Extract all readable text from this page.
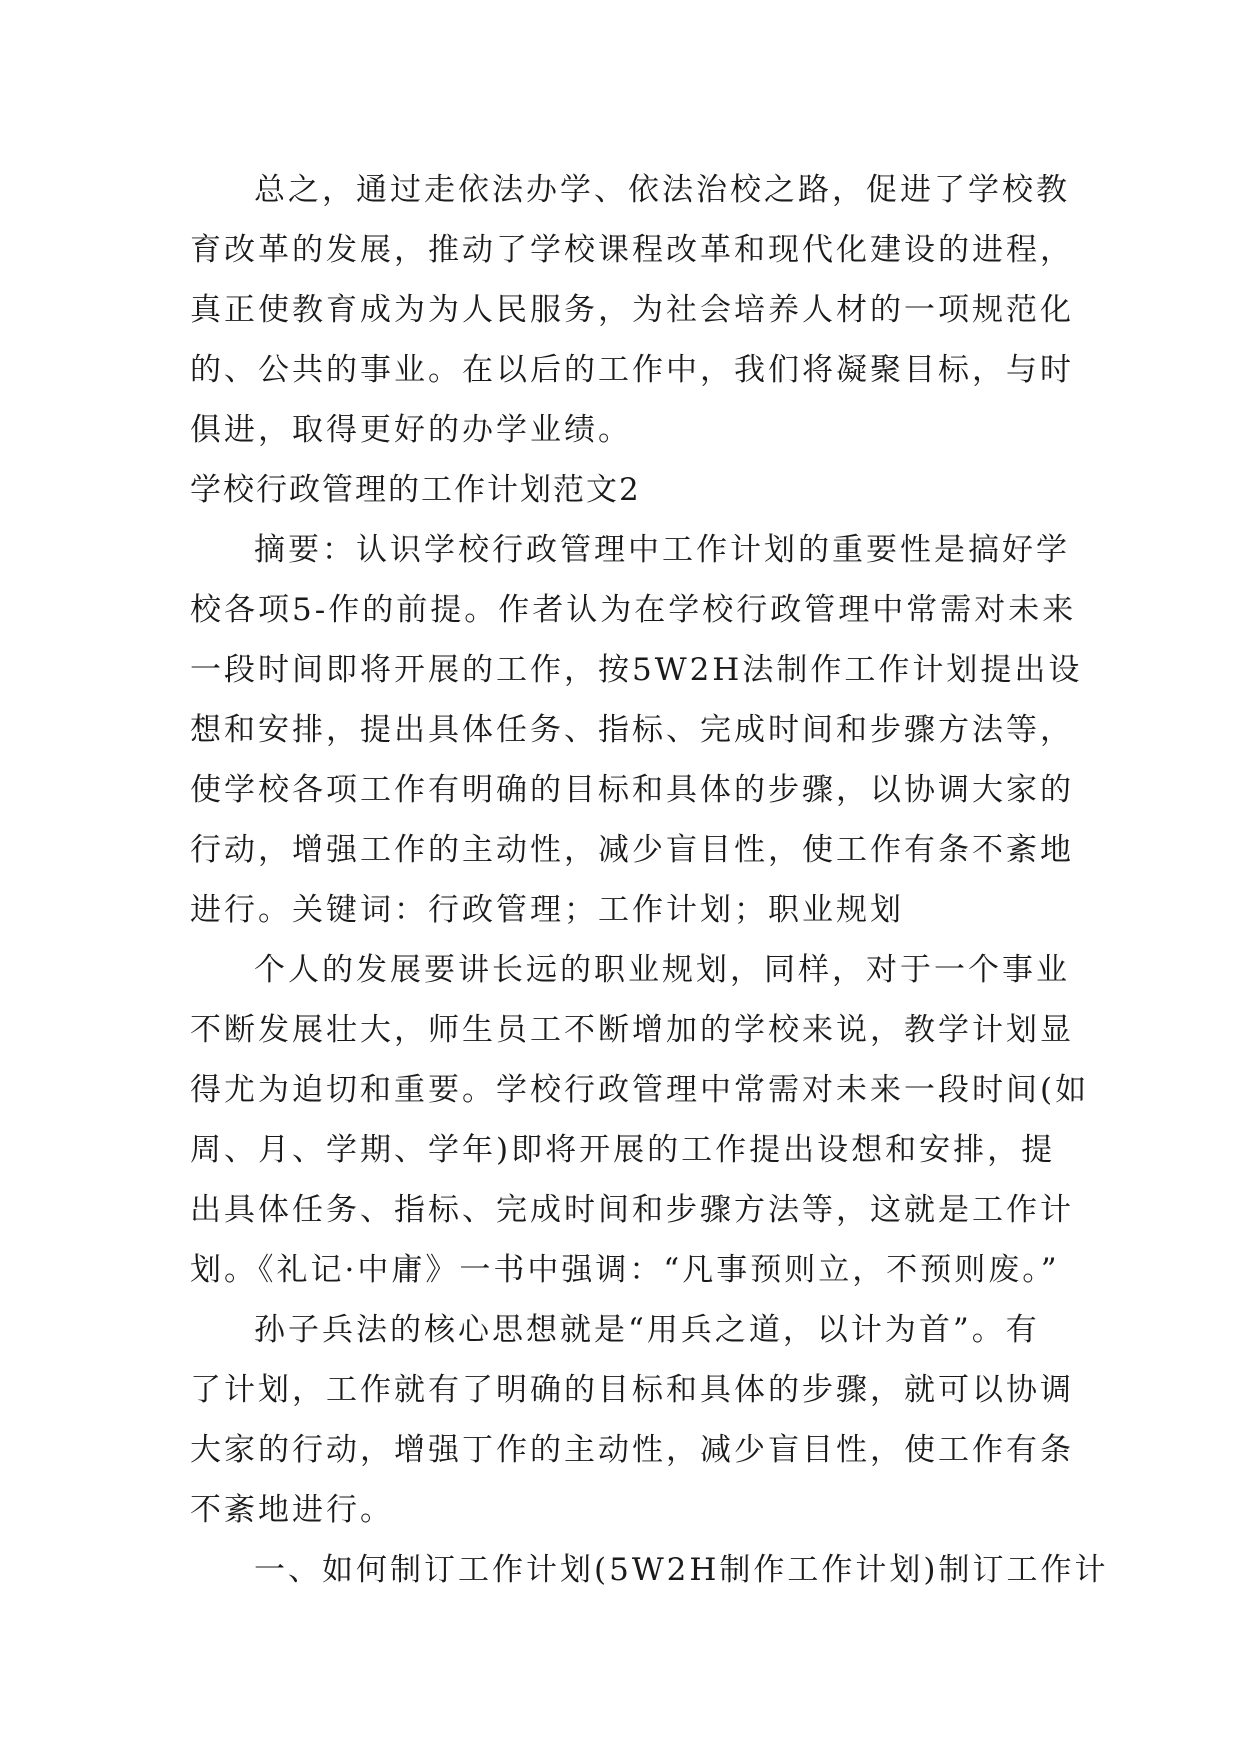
总之，通过走依法办学、依法治校之路，促进了学校教
育改革的发展，推动了学校课程改革和现代化建设的进程，
真正使教育成为为人民服务，为社会培养人材的一项规范化
的、公共的事业。在以后的工作中，我们将凝聚目标，与时
俱进，取得更好的办学业绩。
学校行政管理的工作计划范文2
摘要：认识学校行政管理中工作计划的重要性是搞好学
校各项5-作的前提。作者认为在学校行政管理中常需对未来
一段时间即将开展的工作，按5W2H法制作工作计划提出设
想和安排，提出具体任务、指标、完成时间和步骤方法等，
使学校各项工作有明确的目标和具体的步骤，以协调大家的
行动，增强工作的主动性，减少盲目性，使工作有条不紊地
进行。关键词：行政管理；工作计划；职业规划
个人的发展要讲长远的职业规划，同样，对于一个事业
不断发展壮大，师生员工不断增加的学校来说，教学计划显
得尤为迫切和重要。学校行政管理中常需对未来一段时间(如
周、月、学期、学年)即将开展的工作提出设想和安排，提
出具体任务、指标、完成时间和步骤方法等，这就是工作计
划。《礼记·中庸》一书中强调：“凡事预则立，不预则废。”
孙子兵法的核心思想就是“用兵之道，以计为首”。有
了计划，工作就有了明确的目标和具体的步骤，就可以协调
大家的行动，增强丁作的主动性，减少盲目性，使工作有条
不紊地进行。
一、如何制订工作计划(5W2H制作工作计划)制订工作计
